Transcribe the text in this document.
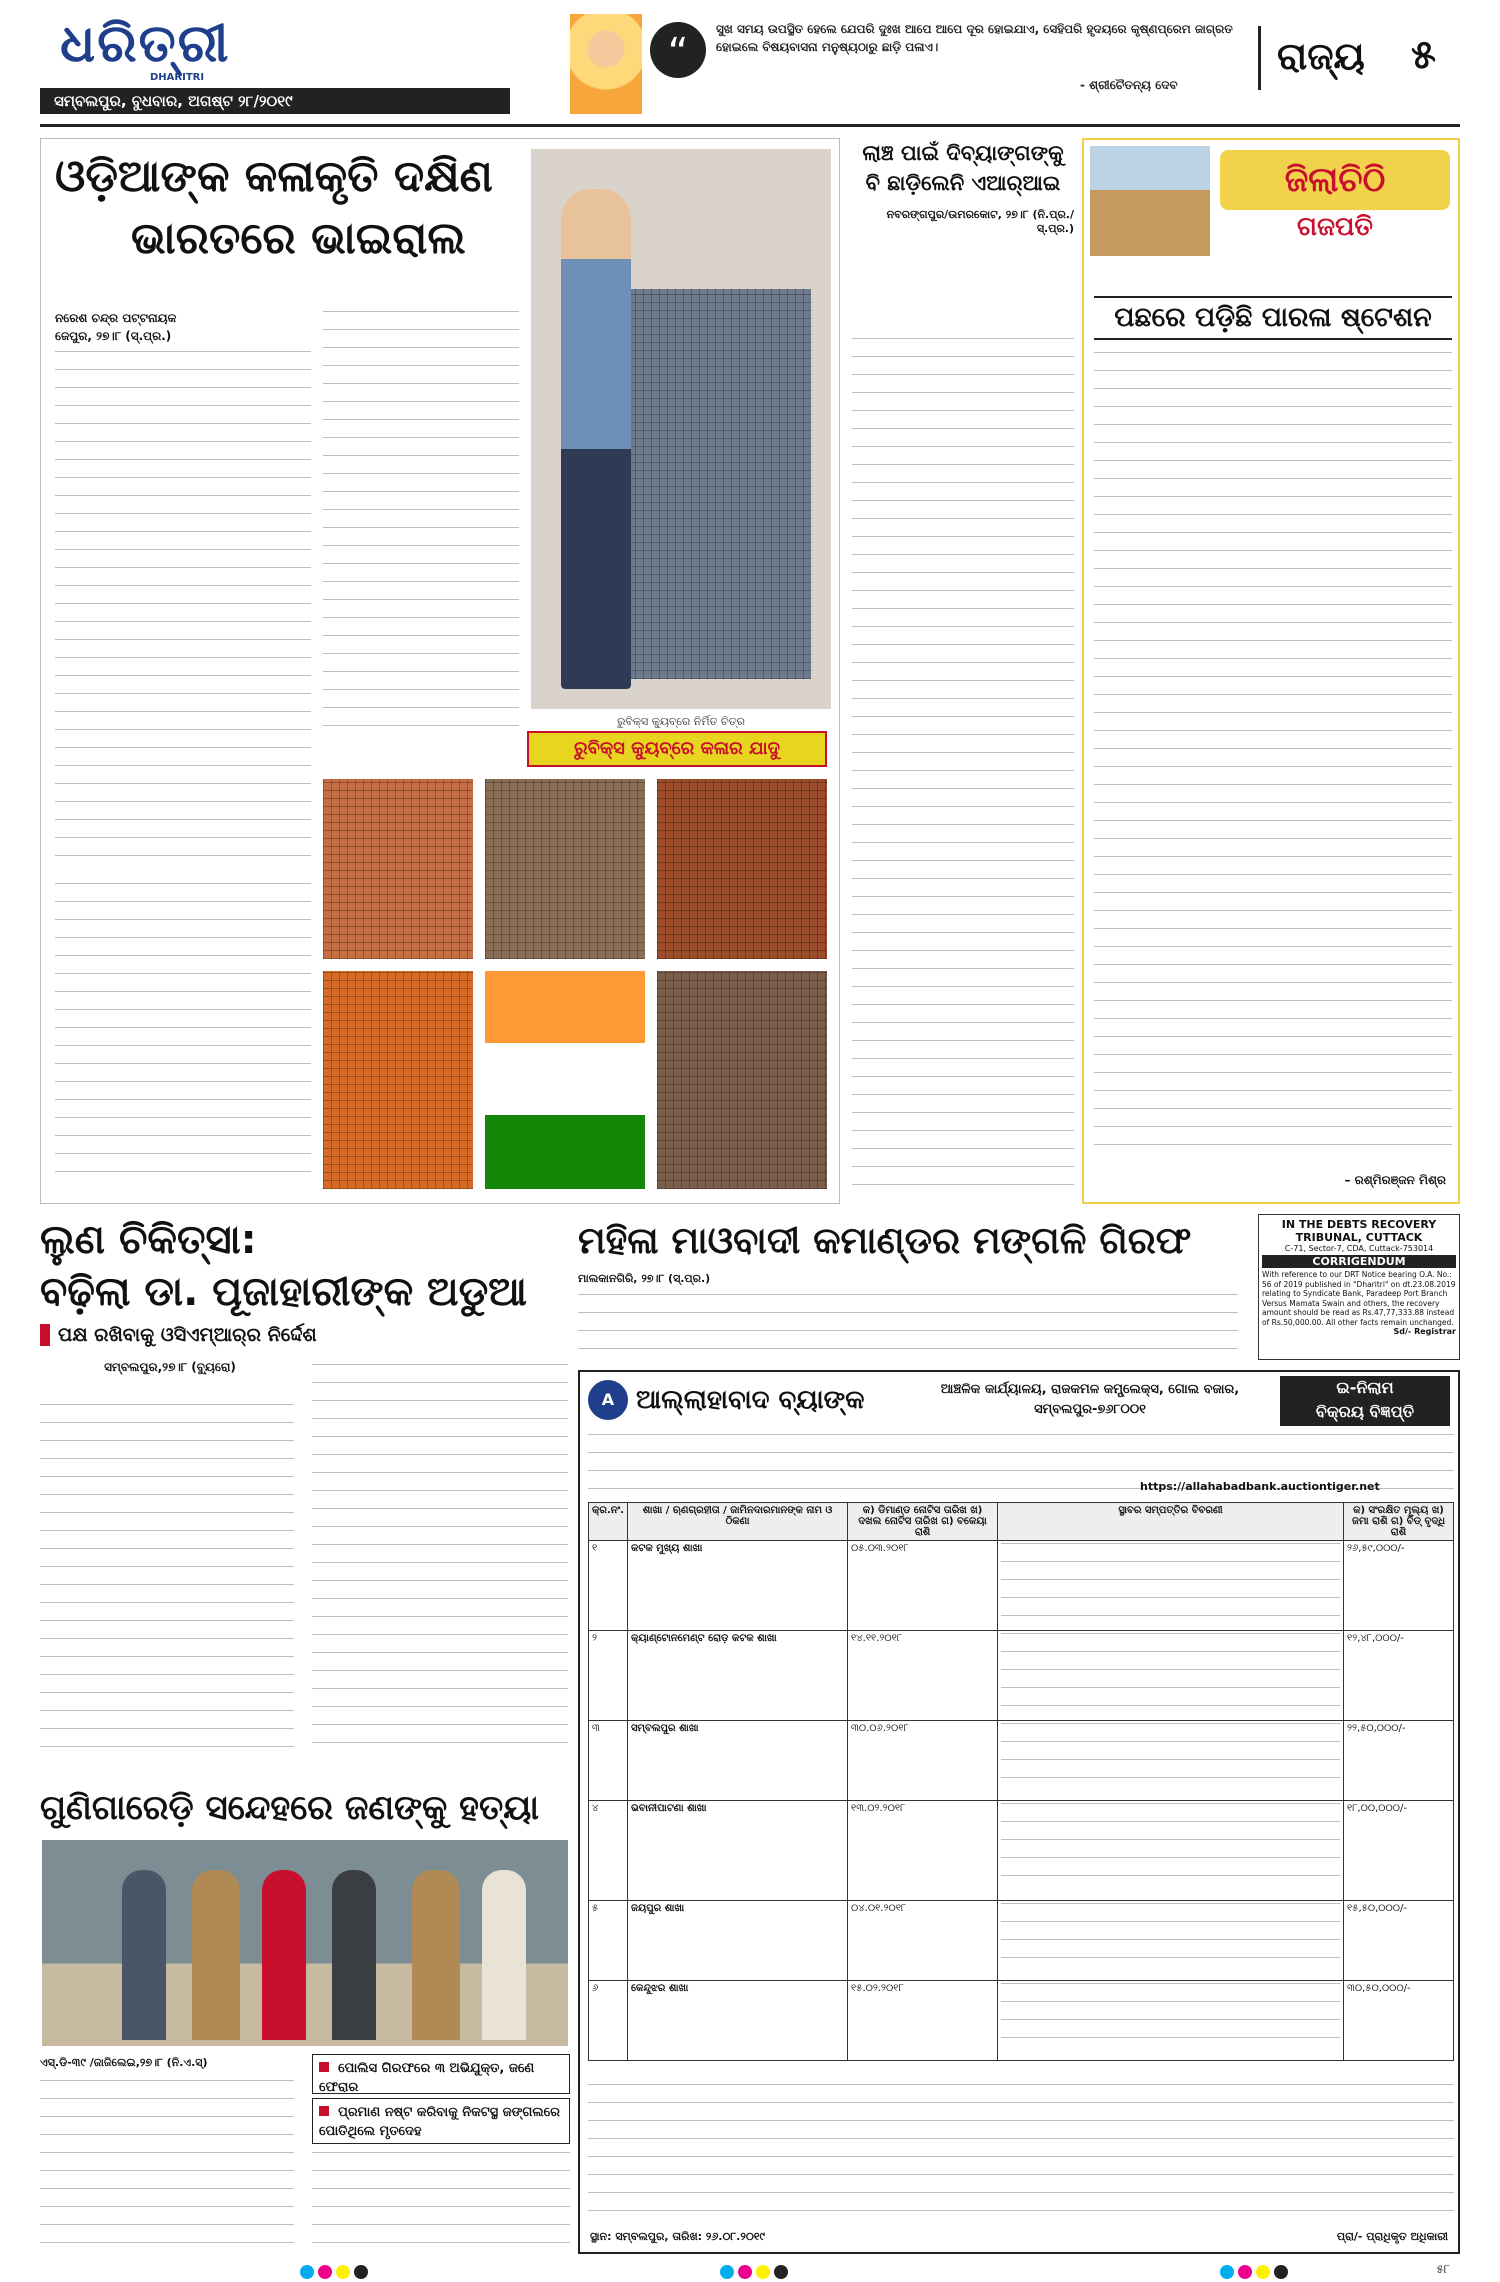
ଧରିତ୍ରୀ
DHARITRI
ସମ୍ବଲପୁର, ବୁଧବାର, ଅଗଷ୍ଟ ୨୮/୨୦୧୯
“
ସୁଖ ସମୟ ଉପସ୍ଥିତ ହେଲେ ଯେପରି ଦୁଃଖ ଆପେ ଆପେ ଦୂର ହୋଇଯାଏ, ସେହିପରି ହୃଦୟରେ କୃଷ୍ଣପ୍ରେମ ଜାଗ୍ରତ ହୋଇଲେ ବିଷୟବାସନା ମନୁଷ୍ୟଠାରୁ ଛାଡ଼ି ପଳାଏ।
- ଶ୍ରୀଚୈତନ୍ୟ ଦେବ
ରାଜ୍ୟ ୫
ଓଡ଼ିଆଙ୍କ କଳାକୃତି ଦକ୍ଷିଣ
ଭାରତରେ ଭାଇରାଲ
ନରେଶ ଚନ୍ଦ୍ର ପଟ୍ଟନାୟକ
ଜେପୁର, ୨୭।୮ (ସ୍.ପ୍ର.)
ରୁବିକ୍ସ କ୍ୟୁବ୍‌ରେ ନିର୍ମିତ ଚିତ୍ର
ରୁବିକ୍ସ କ୍ୟୁବ୍‌ରେ କଳାର ଯାଦୁ
ଲାଞ୍ଚ ପାଇଁ ଦିବ୍ୟାଙ୍ଗଙ୍କୁ ବି ଛାଡ଼ିଲେନି ଏଆର୍‌ଆଇ
ନବରଙ୍ଗପୁର/ଉମରକୋଟ, ୨୭।୮ (ନି.ପ୍ର./ସ୍.ପ୍ର.)
ଜିଲାଚିଠି
ଗଜପତି
ପଛରେ ପଡ଼ିଛି ପାରଳା ଷ୍ଟେଶନ
– ରଶ୍ମିରଞ୍ଜନ ମିଶ୍ର
ଲୁଣ ଚିକିତ୍ସା:
ବଢ଼ିଲା ଡା. ପୂଜାହାରୀଙ୍କ ଅଡୁଆ
ପକ୍ଷ ରଖିବାକୁ ଓସିଏମ୍‌ଆର୍‌ର ନିର୍ଦ୍ଦେଶ
ସମ୍ବଲପୁର,୨୭।୮ (ବ୍ୟୁରୋ)
ମହିଳା ମାଓବାଦୀ କମାଣ୍ଡର ମଙ୍ଗଳି ଗିରଫ
ମାଲକାନଗିରି, ୨୭।୮ (ସ୍.ପ୍ର.)
IN THE DEBTS RECOVERY TRIBUNAL, CUTTACK
C-71, Sector-7, CDA, Cuttack-753014
CORRIGENDUM
With reference to our DRT Notice bearing O.A. No.: 56 of 2019 published in "Dharitri" on dt.23.08.2019 relating to Syndicate Bank, Paradeep Port Branch Versus Mamata Swain and others, the recovery amount should be read as Rs.47,77,333.88 instead of Rs.50,000.00. All other facts remain unchanged.
Sd/- Registrar
ଗୁଣିଗାରେଡ଼ି ସନ୍ଦେହରେ ଜଣଙ୍କୁ ହତ୍ୟା
ଏସ୍.ଡି-୩୯ /ଜାଜିଲେଇ,୨୭।୮ (ନି.ଏ.ସ୍)	ପୋଲିସ ଗିରଫରେ ୩ ଅଭିଯୁକ୍ତ, ଜଣେ ଫେରାର
ପ୍ରମାଣ ନଷ୍ଟ କରିବାକୁ ନିକଟସ୍ଥ ଜଙ୍ଗଲରେ ପୋତିଥିଲେ ମୃତଦେହ
A ଆଲ୍ଲାହାବାଦ ବ୍ୟାଙ୍କ	ଆଞ୍ଚଳିକ କାର୍ଯ୍ୟାଳୟ, ରାଜକମଳ କମ୍ପ୍ଲେକ୍ସ, ଗୋଲ ବଜାର, ସମ୍ବଲପୁର-୭୬୮୦୦୧
ଇ-ନିଲାମ
ବିକ୍ରୟ ବିଜ୍ଞପ୍ତି
https://allahabadbank.auctiontiger.net
କ୍ର.ନଂ.	ଶାଖା / ଋଣଗ୍ରହୀତା / ଜାମିନଦାରମାନଙ୍କ ନାମ ଓ ଠିକଣା	କ) ଡିମାଣ୍ଡ ନୋଟିସ ତାରିଖ ଖ) ଦଖଲ ନୋଟିସ ତାରିଖ ଗ) ବକେୟା ରାଶି	ସ୍ଥାବର ସମ୍ପତ୍ତିର ବିବରଣୀ	କ) ସଂରକ୍ଷିତ ମୂଲ୍ୟ ଖ) ଜମା ରାଶି ଗ) ବିଡ୍ ବୃଦ୍ଧି ରାଶି
୧	କଟକ ମୁଖ୍ୟ ଶାଖା	୦୫.୦୩.୨୦୧୮		୨୬,୫୯,୦୦୦/-
୨	କ୍ୟାଣ୍ଟୋନମେଣ୍ଟ ରୋଡ଼ କଟକ ଶାଖା	୧୪.୧୧.୨୦୧୮		୧୨,୪୮,୦୦୦/-
୩	ସମ୍ବଲପୁର ଶାଖା	୩୦.୦୬.୨୦୧୮		୨୨,୫୦,୦୦୦/-
୪	ଭବାନୀପାଟଣା ଶାଖା	୧୩.୦୨.୨୦୧୮		୧୮,୦୦,୦୦୦/-
୫	ଜୟପୁର ଶାଖା	୦୪.୦୧.୨୦୧୮		୧୫,୫୦,୦୦୦/-
୬	କେନ୍ଦୁଝର ଶାଖା	୧୫.୦୨.୨୦୧୮		୩୦,୫୦,୦୦୦/-
ସ୍ଥାନ: ସମ୍ବଲପୁର, ତାରିଖ: ୨୬.୦୮.୨୦୧୯	ପ୍ରା/- ପ୍ରାଧିକୃତ ଅଧିକାରୀ
୫୮
